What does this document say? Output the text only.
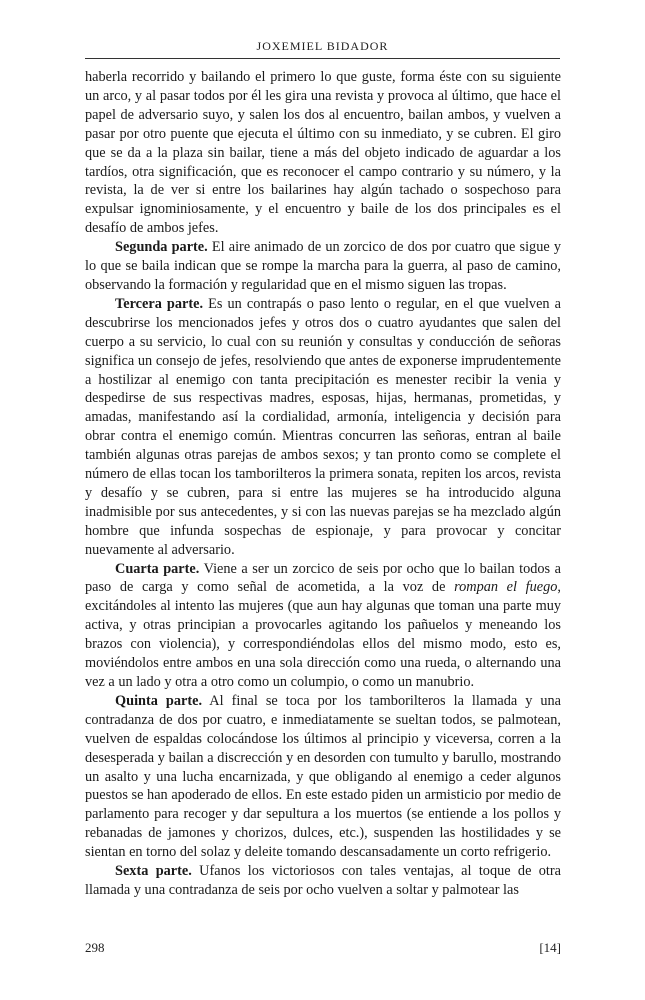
JOXEMIEL BIDADOR

haberla recorrido y bailando el primero lo que guste, forma éste con su siguiente un arco, y al pasar todos por él les gira una revista y provoca al último, que hace el papel de adversario suyo, y salen los dos al encuentro, bailan ambos, y vuelven a pasar por otro puente que ejecuta el último con su inmediato, y se cubren. El giro que se da a la plaza sin bailar, tiene a más del objeto indicado de aguardar a los tardíos, otra significación, que es reconocer el campo contrario y su número, y la revista, la de ver si entre los bailarines hay algún tachado o sospechoso para expulsar ignominiosamente, y el encuentro y baile de los dos principales es el desafío de ambos jefes.

Segunda parte. El aire animado de un zorcico de dos por cuatro que sigue y lo que se baila indican que se rompe la marcha para la guerra, al paso de camino, observando la formación y regularidad que en el mismo siguen las tropas.

Tercera parte. Es un contrapás o paso lento o regular, en el que vuelven a descubrirse los mencionados jefes y otros dos o cuatro ayudantes que salen del cuerpo a su servicio, lo cual con su reunión y consultas y conducción de señoras significa un consejo de jefes, resolviendo que antes de exponerse imprudentemente a hostilizar al enemigo con tanta precipitación es menester recibir la venia y despedirse de sus respectivas madres, esposas, hijas, hermanas, prometidas, y amadas, manifestando así la cordialidad, armonía, inteligencia y decisión para obrar contra el enemigo común. Mientras concurren las señoras, entran al baile también algunas otras parejas de ambos sexos; y tan pronto como se complete el número de ellas tocan los tamborilteros la primera sonata, repiten los arcos, revista y desafío y se cubren, para si entre las mujeres se ha introducido alguna inadmisible por sus antecedentes, y si con las nuevas parejas se ha mezclado algún hombre que infunda sospechas de espionaje, y para provocar y concitar nuevamente al adversario.

Cuarta parte. Viene a ser un zorcico de seis por ocho que lo bailan todos a paso de carga y como señal de acometida, a la voz de rompan el fuego, excitándoles al intento las mujeres (que aun hay algunas que toman una parte muy activa, y otras principian a provocarles agitando los pañuelos y meneando los brazos con violencia), y correspondiéndolas ellos del mismo modo, esto es, moviéndolos entre ambos en una sola dirección como una rueda, o alternando una vez a un lado y otra a otro como un columpio, o como un manubrio.

Quinta parte. Al final se toca por los tamborilteros la llamada y una contradanza de dos por cuatro, e inmediatamente se sueltan todos, se palmotean, vuelven de espaldas colocándose los últimos al principio y viceversa, corren a la desesperada y bailan a discrección y en desorden con tumulto y barullo, mostrando un asalto y una lucha encarnizada, y que obligando al enemigo a ceder algunos puestos se han apoderado de ellos. En este estado piden un armisticio por medio de parlamento para recoger y dar sepultura a los muertos (se entiende a los pollos y rebanadas de jamones y chorizos, dulces, etc.), suspenden las hostilidades y se sientan en torno del solaz y deleite tomando descansadamente un corto refrigerio.

Sexta parte. Ufanos los victoriosos con tales ventajas, al toque de otra llamada y una contradanza de seis por ocho vuelven a soltar y palmotear las

298	[14]
